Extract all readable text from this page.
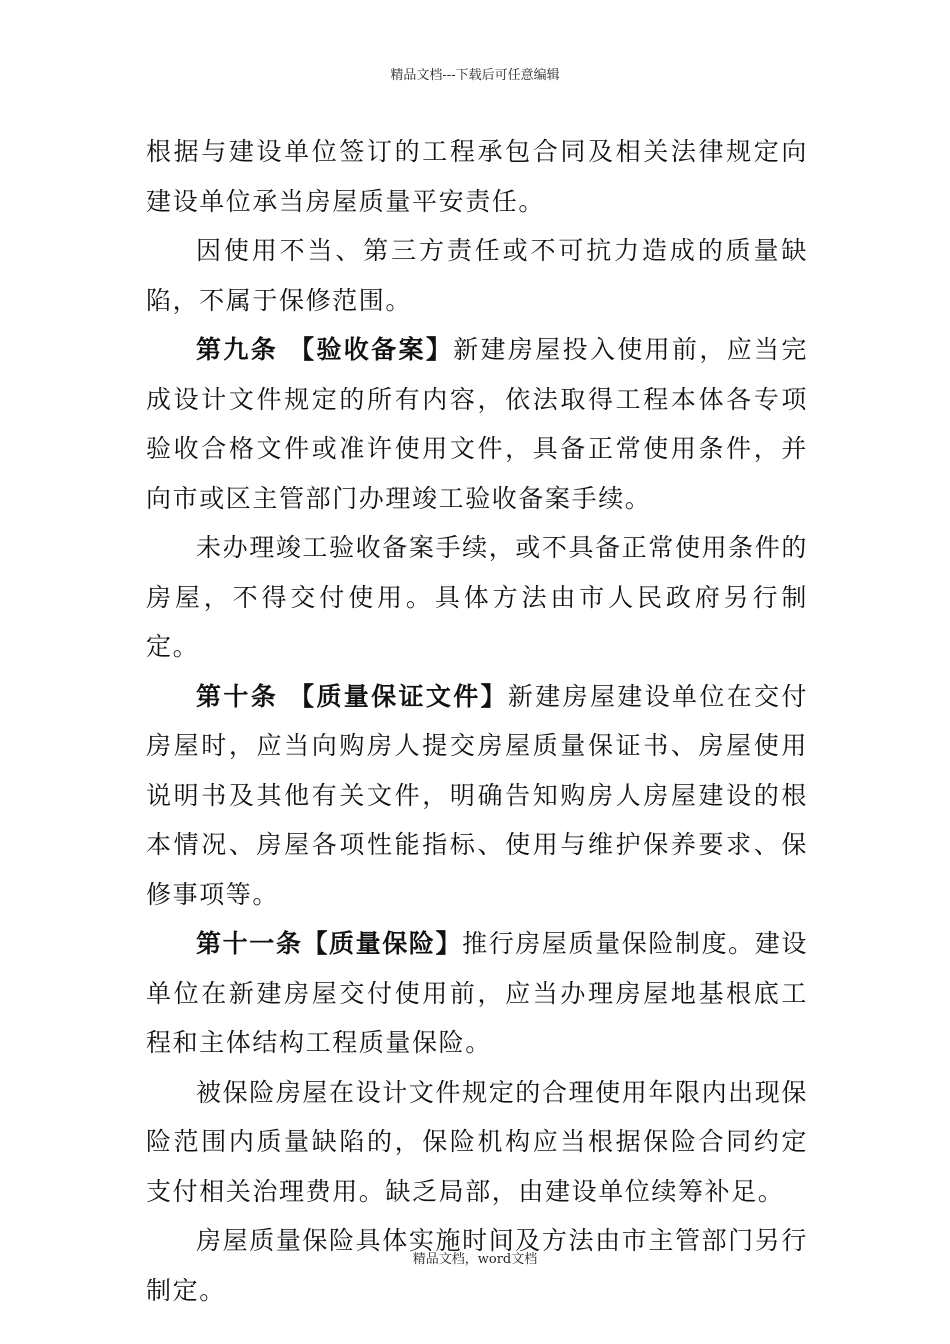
精品文档---下载后可任意编辑

根据与建设单位签订的工程承包合同及相关法律规定向建设单位承当房屋质量平安责任。

因使用不当、第三方责任或不可抗力造成的质量缺陷，不属于保修范围。

第九条 【验收备案】新建房屋投入使用前，应当完成设计文件规定的所有内容，依法取得工程本体各专项验收合格文件或准许使用文件，具备正常使用条件，并向市或区主管部门办理竣工验收备案手续。

未办理竣工验收备案手续，或不具备正常使用条件的房屋，不得交付使用。具体方法由市人民政府另行制定。

第十条 【质量保证文件】新建房屋建设单位在交付房屋时，应当向购房人提交房屋质量保证书、房屋使用说明书及其他有关文件，明确告知购房人房屋建设的根本情况、房屋各项性能指标、使用与维护保养要求、保修事项等。

第十一条【质量保险】推行房屋质量保险制度。建设单位在新建房屋交付使用前，应当办理房屋地基根底工程和主体结构工程质量保险。

被保险房屋在设计文件规定的合理使用年限内出现保险范围内质量缺陷的，保险机构应当根据保险合同约定支付相关治理费用。缺乏局部，由建设单位续筹补足。

房屋质量保险具体实施时间及方法由市主管部门另行制定。

精品文档，word文档
